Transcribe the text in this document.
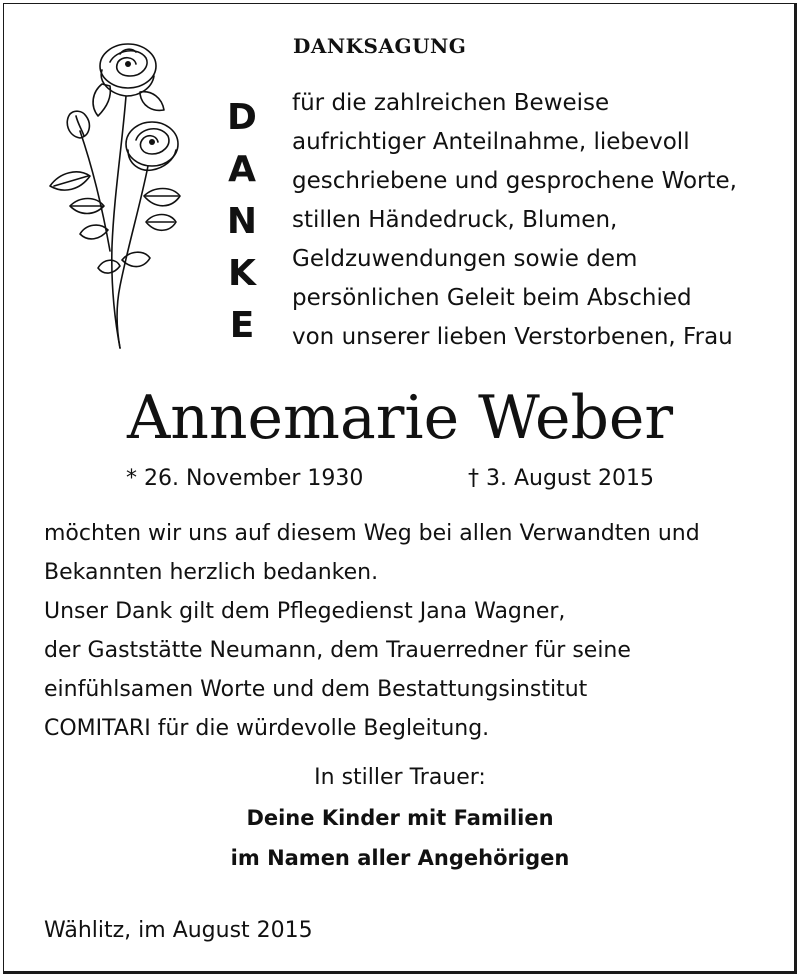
D
A
N
K
E
DANKSAGUNG
für die zahlreichen Beweise
aufrichtiger Anteilnahme, liebevoll
geschriebene und gesprochene Worte,
stillen Händedruck, Blumen,
Geldzuwendungen sowie dem
persönlichen Geleit beim Abschied
von unserer lieben Verstorbenen, Frau
Annemarie Weber
* 26. November 1930	† 3. August 2015
möchten wir uns auf diesem Weg bei allen Verwandten und
Bekannten herzlich bedanken.
Unser Dank gilt dem Pflegedienst Jana Wagner,
der Gaststätte Neumann, dem Trauerredner für seine
einfühlsamen Worte und dem Bestattungsinstitut
COMITARI für die würdevolle Begleitung.
In stiller Trauer:
Deine Kinder mit Familien
im Namen aller Angehörigen
Wählitz, im August 2015
